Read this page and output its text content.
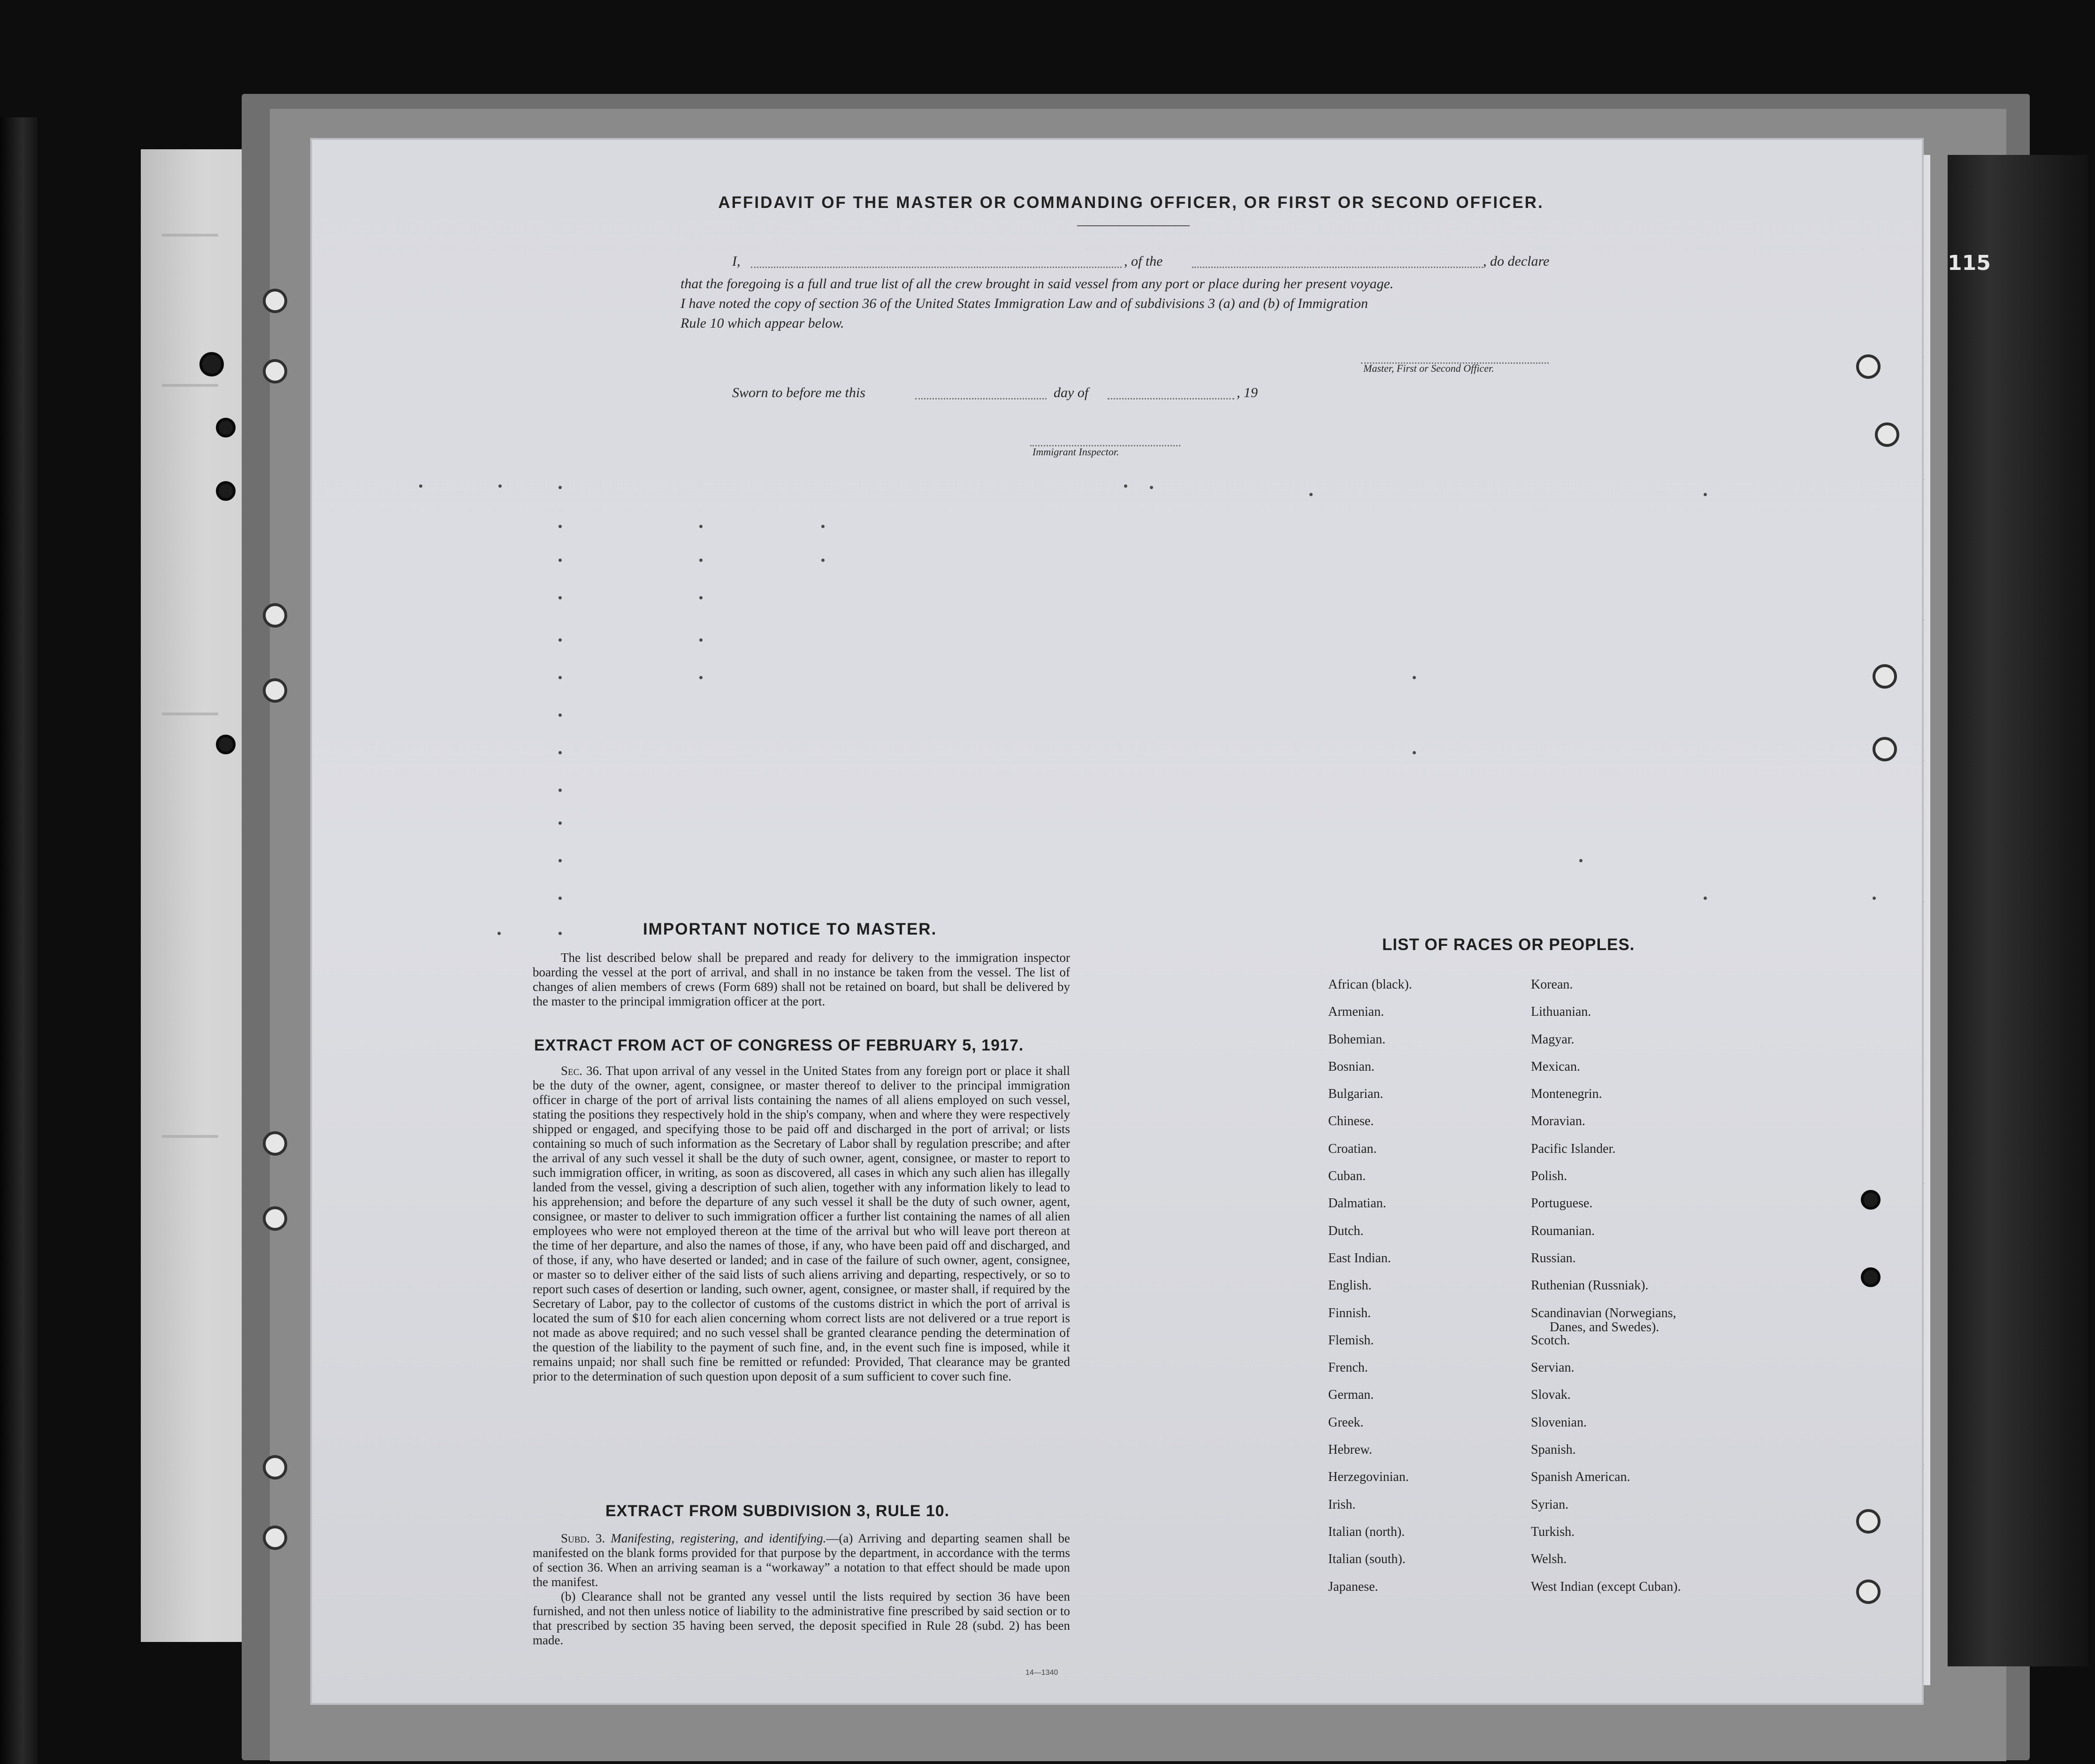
115
AFFIDAVIT OF THE MASTER OR COMMANDING OFFICER, OR FIRST OR SECOND OFFICER.
I,	, of the	, do declare
that the foregoing is a full and true list of all the crew brought in said vessel from any port or place during her present voyage.
I have noted the copy of section 36 of the United States Immigration Law and of subdivisions 3 (a) and (b) of Immigration
Rule 10 which appear below.
Master, First or Second Officer.
Sworn to before me this	day of	, 19
Immigrant Inspector.
IMPORTANT NOTICE TO MASTER.

The list described below shall be prepared and ready for delivery to the immigration inspector boarding the vessel at the port of arrival, and shall in no instance be taken from the vessel. The list of changes of alien members of crews (Form 689) shall not be retained on board, but shall be delivered by the master to the principal immigration officer at the port.

EXTRACT FROM ACT OF CONGRESS OF FEBRUARY 5, 1917.

Sec. 36. That upon arrival of any vessel in the United States from any foreign port or place it shall be the duty of the owner, agent, consignee, or master thereof to deliver to the principal immigration officer in charge of the port of arrival lists containing the names of all aliens employed on such vessel, stating the positions they respectively hold in the ship's company, when and where they were respectively shipped or engaged, and specifying those to be paid off and discharged in the port of arrival; or lists containing so much of such information as the Secretary of Labor shall by regulation prescribe; and after the arrival of any such vessel it shall be the duty of such owner, agent, consignee, or master to report to such immigration officer, in writing, as soon as discovered, all cases in which any such alien has illegally landed from the vessel, giving a description of such alien, together with any information likely to lead to his apprehension; and before the departure of any such vessel it shall be the duty of such owner, agent, consignee, or master to deliver to such immigration officer a further list containing the names of all alien employees who were not employed thereon at the time of the arrival but who will leave port thereon at the time of her departure, and also the names of those, if any, who have been paid off and discharged, and of those, if any, who have deserted or landed; and in case of the failure of such owner, agent, consignee, or master so to deliver either of the said lists of such aliens arriving and departing, respectively, or so to report such cases of desertion or landing, such owner, agent, consignee, or master shall, if required by the Secretary of Labor, pay to the collector of customs of the customs district in which the port of arrival is located the sum of $10 for each alien concerning whom correct lists are not delivered or a true report is not made as above required; and no such vessel shall be granted clearance pending the determination of the question of the liability to the payment of such fine, and, in the event such fine is imposed, while it remains unpaid; nor shall such fine be remitted or refunded: Provided, That clearance may be granted prior to the determination of such question upon deposit of a sum sufficient to cover such fine.

EXTRACT FROM SUBDIVISION 3, RULE 10.

Subd. 3. Manifesting, registering, and identifying.—(a) Arriving and departing seamen shall be manifested on the blank forms provided for that purpose by the department, in accordance with the terms of section 36. When an arriving seaman is a “workaway” a notation to that effect should be made upon the manifest.

(b) Clearance shall not be granted any vessel until the lists required by section 36 have been furnished, and not then unless notice of liability to the administrative fine prescribed by said section or to that prescribed by section 35 having been served, the deposit specified in Rule 28 (subd. 2) has been made.

14—1340
LIST OF RACES OR PEOPLES.
African (black).
Armenian.
Bohemian.
Bosnian.
Bulgarian.
Chinese.
Croatian.
Cuban.
Dalmatian.
Dutch.
East Indian.
English.
Finnish.
Flemish.
French.
German.
Greek.
Hebrew.
Herzegovinian.
Irish.
Italian (north).
Italian (south).
Japanese.
Korean.
Lithuanian.
Magyar.
Mexican.
Montenegrin.
Moravian.
Pacific Islander.
Polish.
Portuguese.
Roumanian.
Russian.
Ruthenian (Russniak).
Scandinavian (Norwegians,
Danes, and Swedes).
Scotch.
Servian.
Slovak.
Slovenian.
Spanish.
Spanish American.
Syrian.
Turkish.
Welsh.
West Indian (except Cuban).
